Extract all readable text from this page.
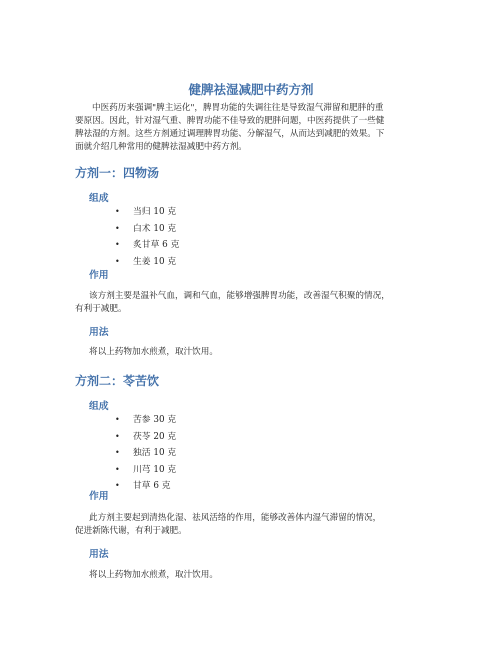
健脾祛湿减肥中药方剂
中医药历来强调"脾主运化"，脾胃功能的失调往往是导致湿气滞留和肥胖的重
要原因。因此，针对湿气重、脾胃功能不佳导致的肥胖问题，中医药提供了一些健
脾祛湿的方剂。这些方剂通过调理脾胃功能、分解湿气，从而达到减肥的效果。下
面就介绍几种常用的健脾祛湿减肥中药方剂。
方剂一：四物汤
组成
• 当归 10 克
• 白术 10 克
• 炙甘草 6 克
• 生姜 10 克
作用
该方剂主要是温补气血，调和气血，能够增强脾胃功能，改善湿气积聚的情况，
有利于减肥。
用法
将以上药物加水煎煮，取汁饮用。
方剂二：苓苦饮
组成
• 苦参 30 克
• 茯苓 20 克
• 独活 10 克
• 川芎 10 克
• 甘草 6 克
作用
此方剂主要起到清热化湿、祛风活络的作用，能够改善体内湿气滞留的情况，
促进新陈代谢，有利于减肥。
用法
将以上药物加水煎煮，取汁饮用。
